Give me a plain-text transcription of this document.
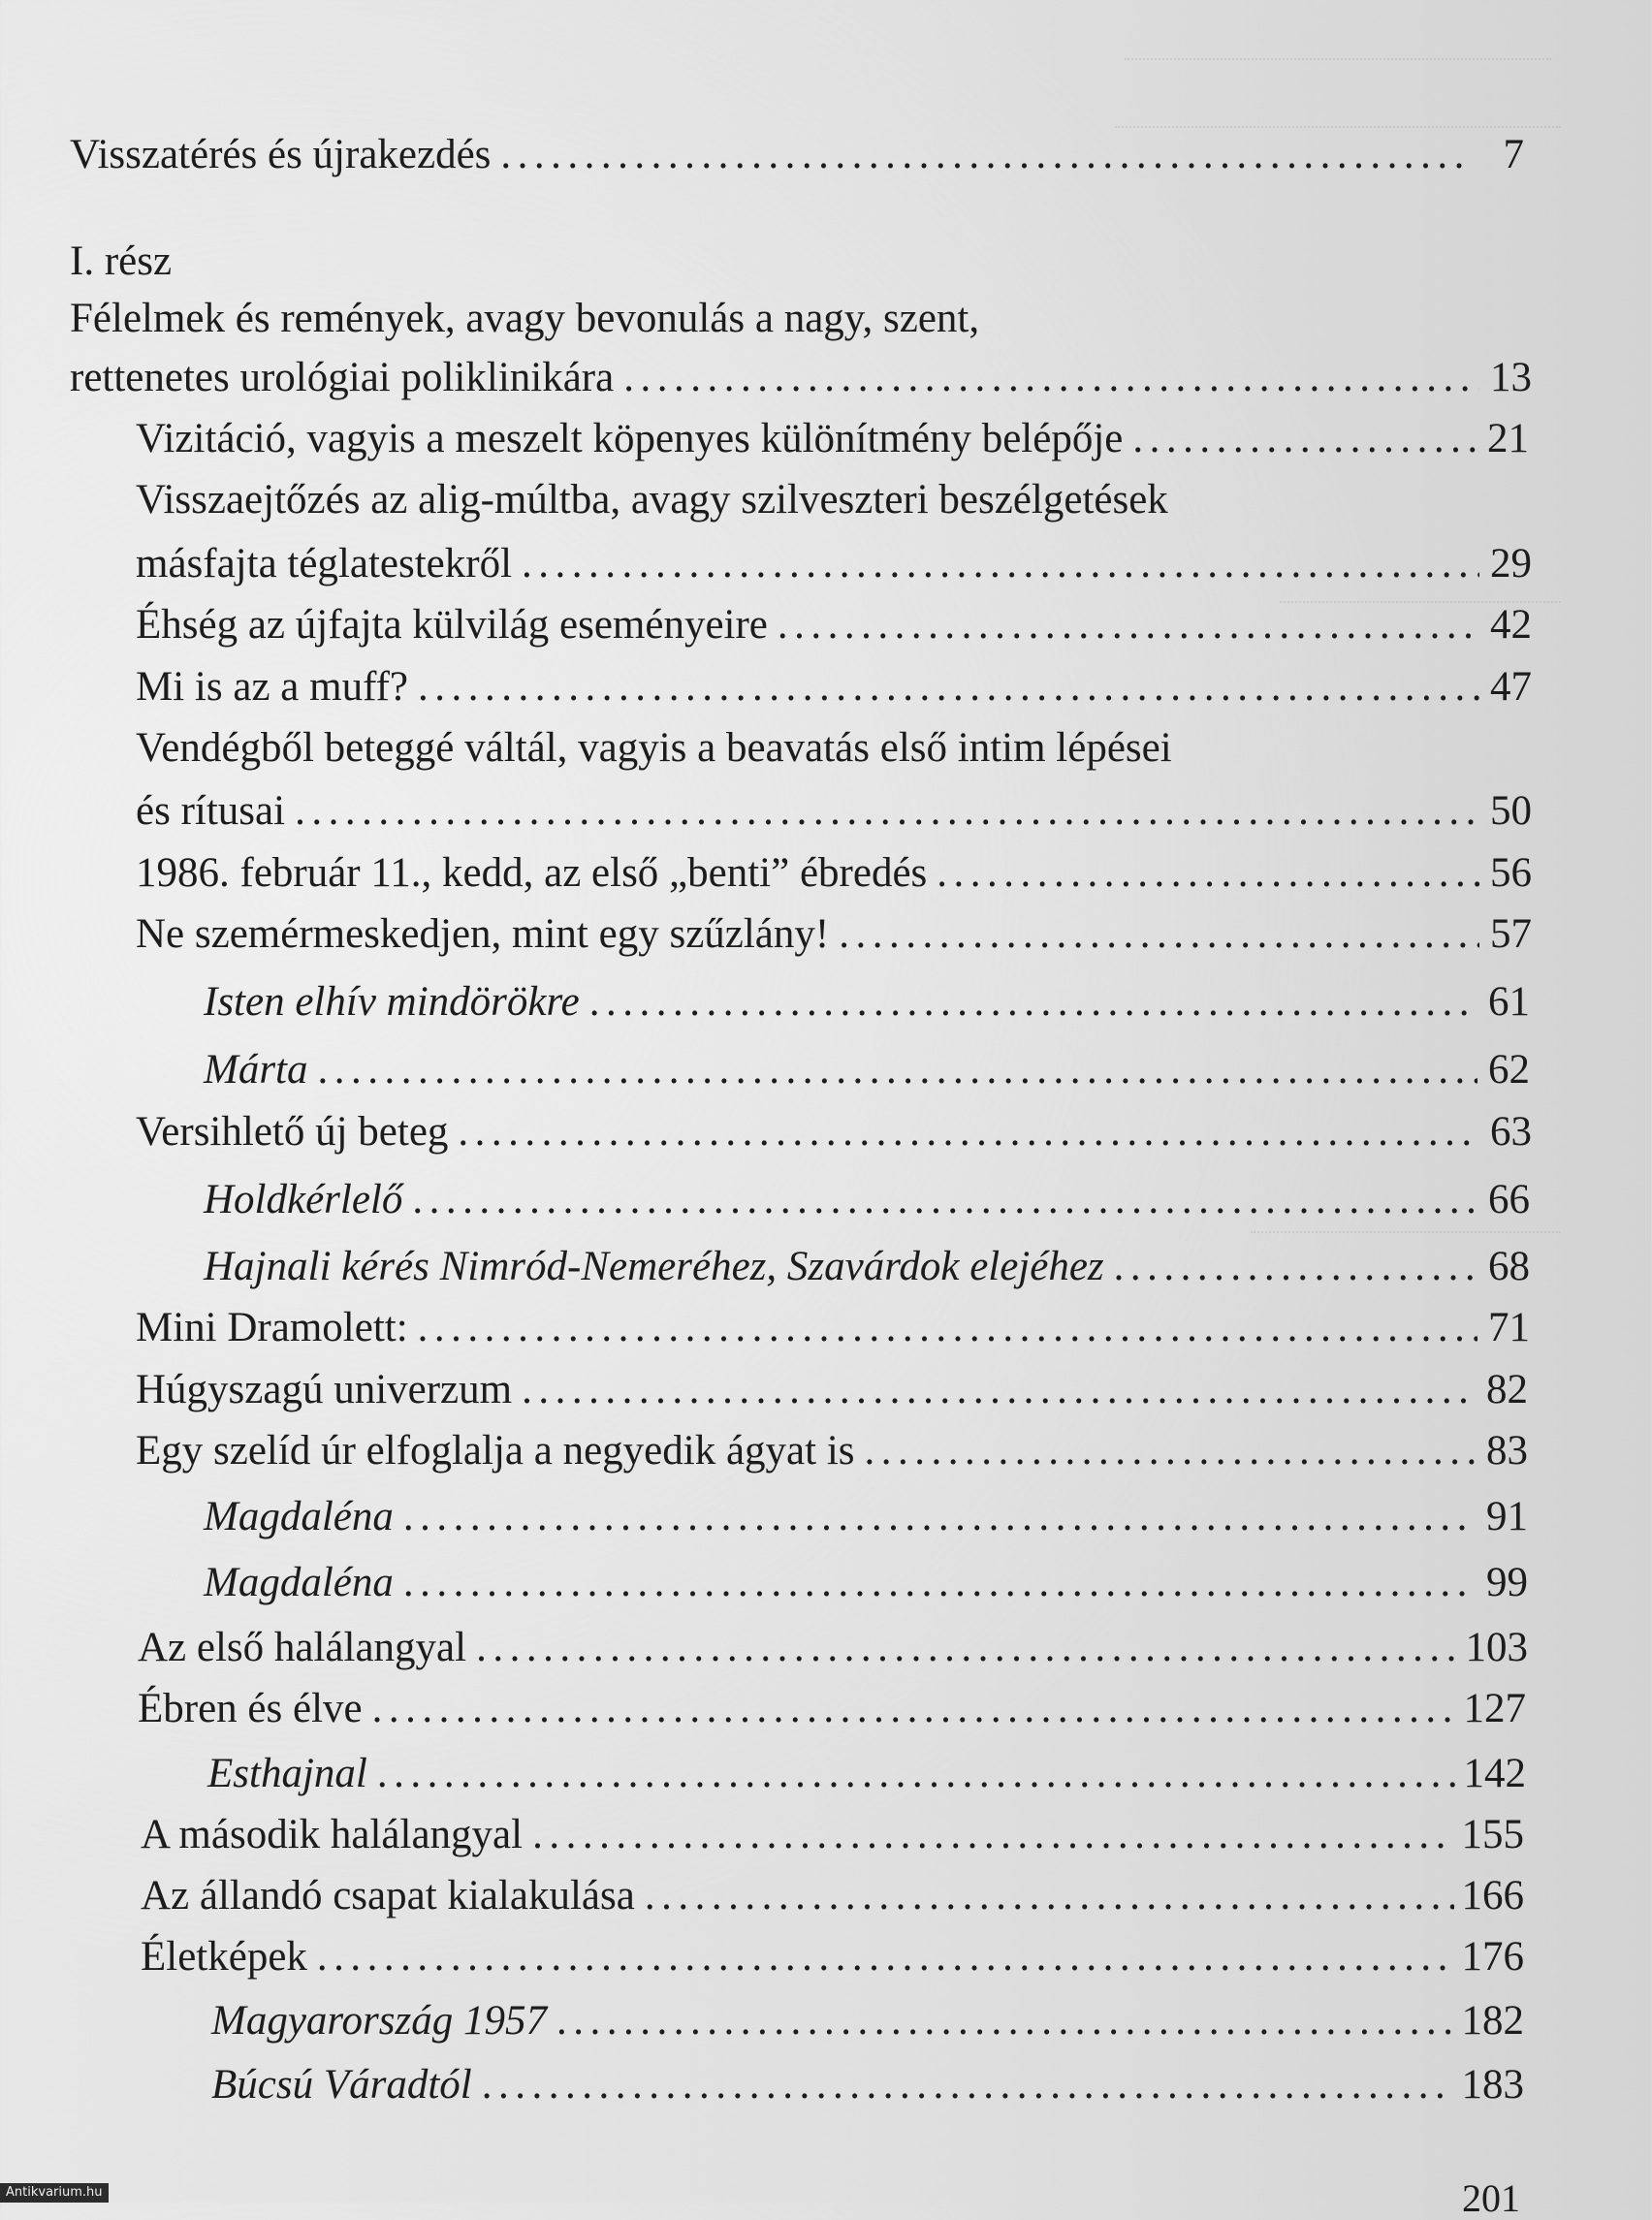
Visszatérés és újrakezdés .....	7
I. rész
Félelmek és remények, avagy bevonulás a nagy, szent,
rettenetes urológiai poliklinikára .....	13
Vizitáció, vagyis a meszelt köpenyes különítmény belépője .....	21
Visszaejtőzés az alig-múltba, avagy szilveszteri beszélgetések
másfajta téglatestekről .....	29
Éhség az újfajta külvilág eseményeire .....	42
Mi is az a muff? .....	47
Vendégből beteggé váltál, vagyis a beavatás első intim lépései
és rítusai .....	50
1986. február 11., kedd, az első „benti” ébredés .....	56
Ne szemérmeskedjen, mint egy szűzlány! .....	57
Isten elhív mindörökre .....	61
Márta .....	62
Versihlető új beteg .....	63
Holdkérlelő .....	66
Hajnali kérés Nimród-Nemeréhez, Szavárdok elejéhez .....	68
Mini Dramolett: .....	71
Húgyszagú univerzum .....	82
Egy szelíd úr elfoglalja a negyedik ágyat is .....	83
Magdaléna .....	91
Magdaléna .....	99
Az első halálangyal .....	103
Ébren és élve .....	127
Esthajnal .....	142
A második halálangyal .....	155
Az állandó csapat kialakulása .....	166
Életképek .....	176
Magyarország 1957 .....	182
Búcsú Váradtól .....	183
201
Antikvarium.hu
